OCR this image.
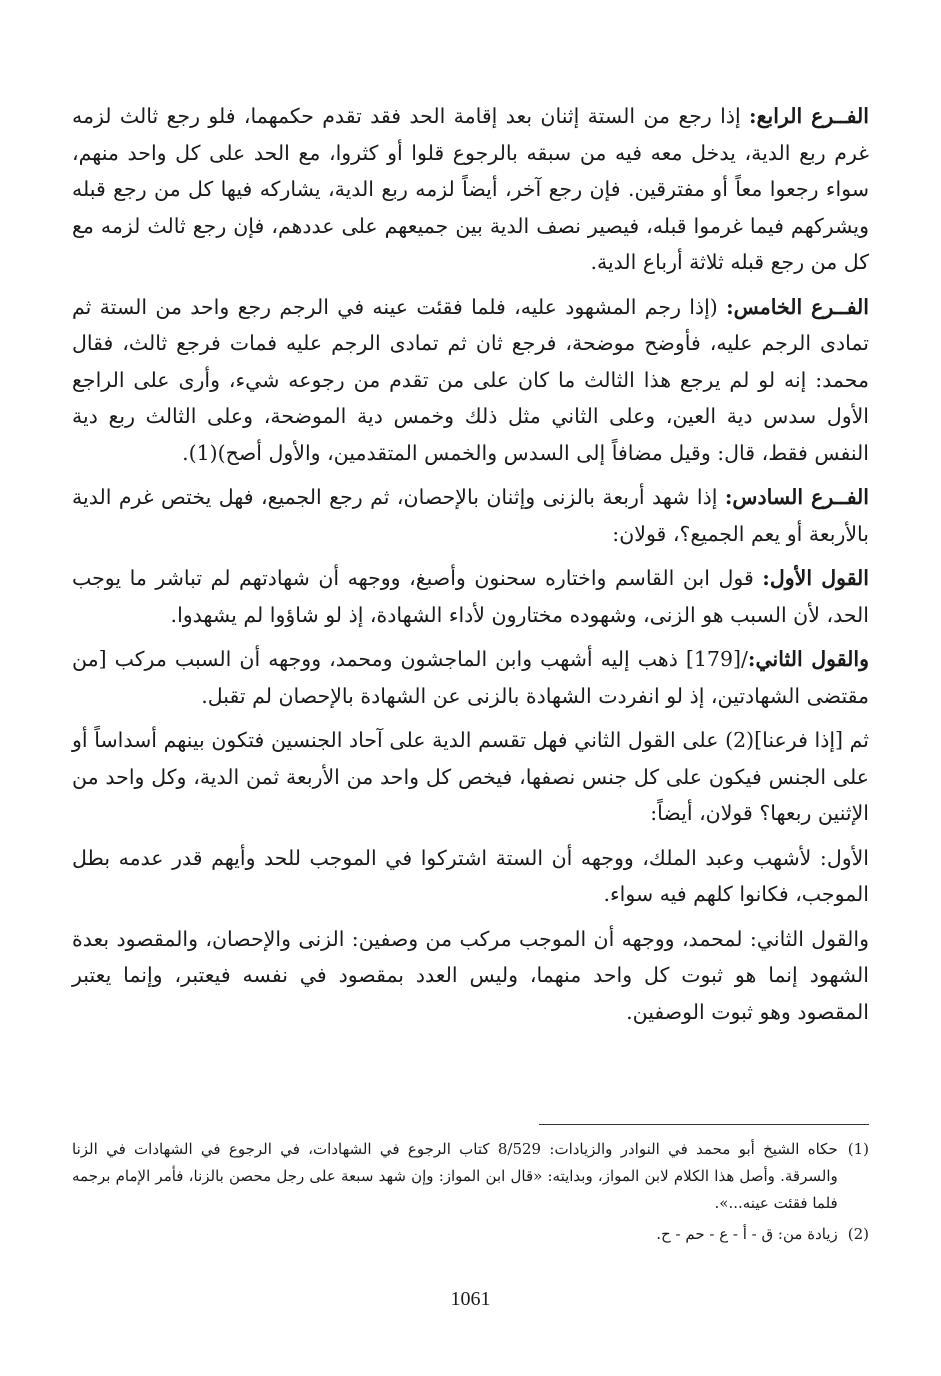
الفــرع الرابع: إذا رجع من الستة إثنان بعد إقامة الحد فقد تقدم حكمهما، فلو رجع ثالث لزمه غرم ربع الدية، يدخل معه فيه من سبقه بالرجوع قلوا أو كثروا، مع الحد على كل واحد منهم، سواء رجعوا معاً أو مفترقين. فإن رجع آخر، أيضاً لزمه ربع الدية، يشاركه فيها كل من رجع قبله ويشركهم فيما غرموا قبله، فيصير نصف الدية بين جميعهم على عددهم، فإن رجع ثالث لزمه مع كل من رجع قبله ثلاثة أرباع الدية.

الفــرع الخامس: (إذا رجم المشهود عليه، فلما فقئت عينه في الرجم رجع واحد من الستة ثم تمادى الرجم عليه، فأوضح موضحة، فرجع ثان ثم تمادى الرجم عليه فمات فرجع ثالث، فقال محمد: إنه لو لم يرجع هذا الثالث ما كان على من تقدم من رجوعه شيء، وأرى على الراجع الأول سدس دية العين، وعلى الثاني مثل ذلك وخمس دية الموضحة، وعلى الثالث ربع دية النفس فقط، قال: وقيل مضافاً إلى السدس والخمس المتقدمين، والأول أصح)(1).

الفــرع السادس: إذا شهد أربعة بالزنى وإثنان بالإحصان، ثم رجع الجميع، فهل يختص غرم الدية بالأربعة أو يعم الجميع؟، قولان:

القول الأول: قول ابن القاسم واختاره سحنون وأصبغ، ووجهه أن شهادتهم لم تباشر ما يوجب الحد، لأن السبب هو الزنى، وشهوده مختارون لأداء الشهادة، إذ لو شاؤوا لم يشهدوا.

والقول الثاني:/[179] ذهب إليه أشهب وابن الماجشون ومحمد، ووجهه أن السبب مركب [من مقتضى الشهادتين، إذ لو انفردت الشهادة بالزنى عن الشهادة بالإحصان لم تقبل.

ثم [إذا فرعنا](2) على القول الثاني فهل تقسم الدية على آحاد الجنسين فتكون بينهم أسداساً أو على الجنس فيكون على كل جنس نصفها، فيخص كل واحد من الأربعة ثمن الدية، وكل واحد من الإثنين ربعها؟ قولان، أيضاً:

الأول: لأشهب وعبد الملك، ووجهه أن الستة اشتركوا في الموجب للحد وأيهم قدر عدمه بطل الموجب، فكانوا كلهم فيه سواء.

والقول الثاني: لمحمد، ووجهه أن الموجب مركب من وصفين: الزنى والإحصان، والمقصود بعدة الشهود إنما هو ثبوت كل واحد منهما، وليس العدد بمقصود في نفسه فيعتبر، وإنما يعتبر المقصود وهو ثبوت الوصفين.

(1)
حكاه الشيخ أبو محمد في النوادر والزيادات: 8/529 كتاب الرجوع في الشهادات، في الرجوع في الشهادات في الزنا والسرقة. وأصل هذا الكلام لابن المواز، وبدايته: «قال ابن المواز: وإن شهد سبعة على رجل محصن بالزنا، فأمر الإمام برجمه فلما فقئت عينه...».
(2)
زيادة من: ق - أ - ع - حم - ح.
1061
